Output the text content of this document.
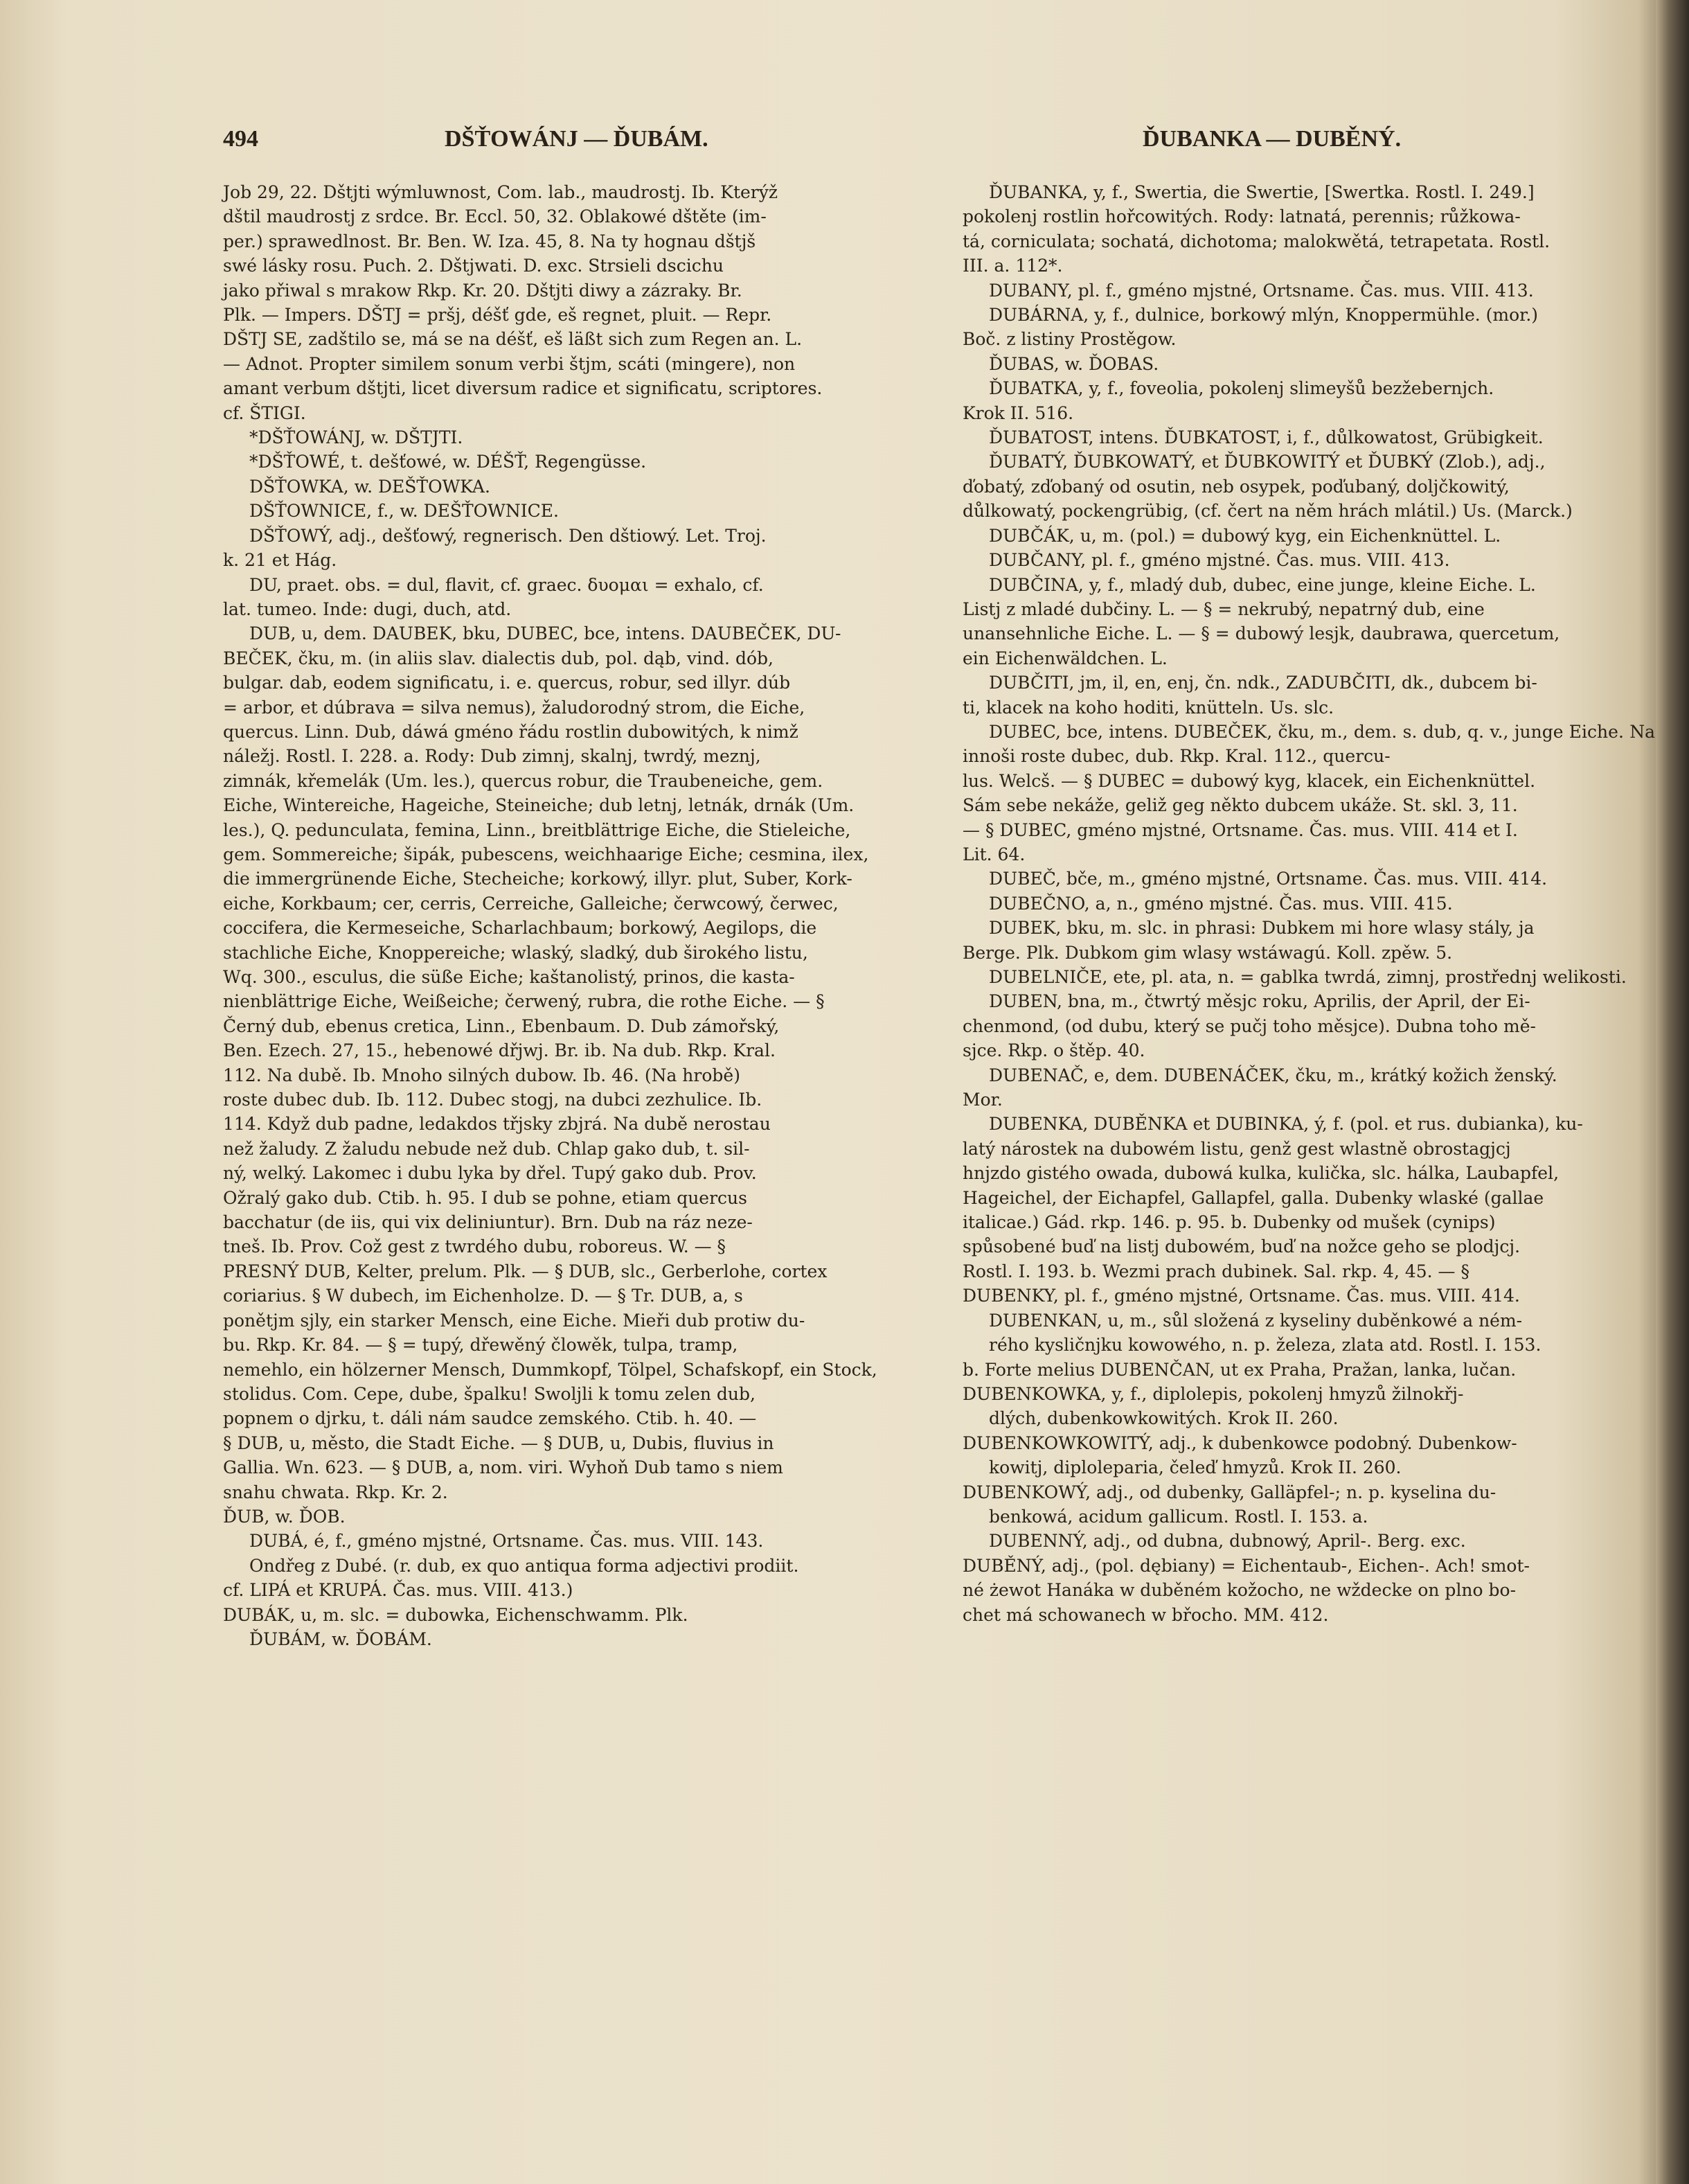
494	DŠŤOWÁNJ — ĎUBÁM.	ĎUBANKA — DUBĚNÝ.

Job 29, 22. Dštjti wýmluwnost, Com. lab., maudrostj. Ib. Kterýž

dštil maudrostj z srdce. Br. Eccl. 50, 32. Oblakowé dštěte (im-

per.) sprawedlnost. Br. Ben. W. Iza. 45, 8. Na ty hognau dštjš

swé lásky rosu. Puch. 2. Dštjwati. D. exc. Strsieli dscichu

jako přiwal s mrakow Rkp. Kr. 20. Dštjti diwy a zázraky. Br.

Plk. — Impers. DŠTJ = pršj, déšť gde, eš regnet, pluit. — Repr.

DŠTJ SE, zadštilo se, má se na déšť, eš läßt sich zum Regen an. L.

— Adnot. Propter similem sonum verbi štjm, scáti (mingere), non

amant verbum dštjti, licet diversum radice et significatu, scriptores.

cf. ŠTIGI.

*DŠŤOWÁNJ, w. DŠTJTI.

*DŠŤOWÉ, t. dešťowé, w. DÉŠŤ, Regengüsse.

DŠŤOWKA, w. DEŠŤOWKA.

DŠŤOWNICE, f., w. DEŠŤOWNICE.

DŠŤOWÝ, adj., dešťowý, regnerisch. Den dštiowý. Let. Troj.

k. 21 et Hág.

DU, praet. obs. = dul, flavit, cf. graec. δυομαι = exhalo, cf.

lat. tumeo. Inde: dugi, duch, atd.

DUB, u, dem. DAUBEK, bku, DUBEC, bce, intens. DAUBEČEK, DU-

BEČEK, čku, m. (in aliis slav. dialectis dub, pol. dąb, vind. dób,

bulgar. dab, eodem significatu, i. e. quercus, robur, sed illyr. dúb

= arbor, et dúbrava = silva nemus), žaludorodný strom, die Eiche,

quercus. Linn. Dub, dáwá gméno řádu rostlin dubowitých, k nimž

náležj. Rostl. I. 228. a. Rody: Dub zimnj, skalnj, twrdý, meznj,

zimnák, křemelák (Um. les.), quercus robur, die Traubeneiche, gem.

Eiche, Wintereiche, Hageiche, Steineiche; dub letnj, letnák, drnák (Um.

les.), Q. pedunculata, femina, Linn., breitblättrige Eiche, die Stieleiche,

gem. Sommereiche; šipák, pubescens, weichhaarige Eiche; cesmina, ilex,

die immergrünende Eiche, Stecheiche; korkowý, illyr. plut, Suber, Kork-

eiche, Korkbaum; cer, cerris, Cerreiche, Galleiche; čerwcowý, čerwec,

coccifera, die Kermeseiche, Scharlachbaum; borkowý, Aegilops, die

stachliche Eiche, Knoppereiche; wlaský, sladký, dub širokého listu,

Wq. 300., esculus, die süße Eiche; kaštanolistý, prinos, die kasta-

nienblättrige Eiche, Weißeiche; čerwený, rubra, die rothe Eiche. — §

Černý dub, ebenus cretica, Linn., Ebenbaum. D. Dub zámořský,

Ben. Ezech. 27, 15., hebenowé dřjwj. Br. ib. Na dub. Rkp. Kral.

112. Na dubě. Ib. Mnoho silných dubow. Ib. 46. (Na hrobě)

roste dubec dub. Ib. 112. Dubec stogj, na dubci zezhulice. Ib.

114. Když dub padne, ledakdos třjsky zbjrá. Na dubě nerostau

než žaludy. Z žaludu nebude než dub. Chlap gako dub, t. sil-

ný, welký. Lakomec i dubu lyka by dřel. Tupý gako dub. Prov.

Ožralý gako dub. Ctib. h. 95. I dub se pohne, etiam quercus

bacchatur (de iis, qui vix deliniuntur). Brn. Dub na ráz neze-

tneš. Ib. Prov. Což gest z twrdého dubu, roboreus. W. — §

PRESNÝ DUB, Kelter, prelum. Plk. — § DUB, slc., Gerberlohe, cortex

coriarius. § W dubech, im Eichenholze. D. — § Tr. DUB, a, s

ponětjm sjly, ein starker Mensch, eine Eiche. Mieři dub protiw du-

bu. Rkp. Kr. 84. — § = tupý, dřewěný člowěk, tulpa, tramp,

nemehlo, ein hölzerner Mensch, Dummkopf, Tölpel, Schafskopf, ein Stock,

stolidus. Com. Cepe, dube, špalku! Swoljli k tomu zelen dub,

popnem o djrku, t. dáli nám saudce zemského. Ctib. h. 40. —

§ DUB, u, město, die Stadt Eiche. — § DUB, u, Dubis, fluvius in

Gallia. Wn. 623. — § DUB, a, nom. viri. Wyhoň Dub tamo s niem

snahu chwata. Rkp. Kr. 2.

ĎUB, w. ĎOB.

DUBÁ, é, f., gméno mjstné, Ortsname. Čas. mus. VIII. 143.

Ondřeg z Dubé. (r. dub, ex quo antiqua forma adjectivi prodiit.

cf. LIPÁ et KRUPÁ. Čas. mus. VIII. 413.)

DUBÁK, u, m. slc. = dubowka, Eichenschwamm. Plk.

ĎUBÁM, w. ĎOBÁM.

ĎUBANKA, y, f., Swertia, die Swertie, [Swertka. Rostl. I. 249.]

pokolenj rostlin hořcowitých. Rody: latnatá, perennis; růžkowa-

tá, corniculata; sochatá, dichotoma; malokwětá, tetrapetata. Rostl.

III. a. 112*.

DUBANY, pl. f., gméno mjstné, Ortsname. Čas. mus. VIII. 413.

DUBÁRNA, y, f., dulnice, borkowý mlýn, Knoppermühle. (mor.)

Boč. z listiny Prostěgow.

ĎUBAS, w. ĎOBAS.

ĎUBATKA, y, f., foveolia, pokolenj slimeyšů bezžebernjch.

Krok II. 516.

ĎUBATOST, intens. ĎUBKATOST, i, f., důlkowatost, Grübigkeit.

ĎUBATÝ, ĎUBKOWATÝ, et ĎUBKOWITÝ et ĎUBKÝ (Zlob.), adj.,

ďobatý, zďobaný od osutin, neb osypek, poďubaný, doljčkowitý,

důlkowatý, pockengrübig, (cf. čert na něm hrách mlátil.) Us. (Marck.)

DUBČÁK, u, m. (pol.) = dubowý kyg, ein Eichenknüttel. L.

DUBČANY, pl. f., gméno mjstné. Čas. mus. VIII. 413.

DUBČINA, y, f., mladý dub, dubec, eine junge, kleine Eiche. L.

Listj z mladé dubčiny. L. — § = nekrubý, nepatrný dub, eine

unansehnliche Eiche. L. — § = dubowý lesjk, daubrawa, quercetum,

ein Eichenwäldchen. L.

DUBČITI, jm, il, en, enj, čn. ndk., ZADUBČITI, dk., dubcem bi-

ti, klacek na koho hoditi, knütteln. Us. slc.

DUBEC, bce, intens. DUBEČEK, čku, m., dem. s. dub, q. v., junge Eiche. Na innoši roste dubec, dub. Rkp. Kral. 112., quercu-

lus. Welcš. — § DUBEC = dubowý kyg, klacek, ein Eichenknüttel.

Sám sebe nekáže, geliž geg někto dubcem ukáže. St. skl. 3, 11.

— § DUBEC, gméno mjstné, Ortsname. Čas. mus. VIII. 414 et I.

Lit. 64.

DUBEČ, bče, m., gméno mjstné, Ortsname. Čas. mus. VIII. 414.

DUBEČNO, a, n., gméno mjstné. Čas. mus. VIII. 415.

DUBEK, bku, m. slc. in phrasi: Dubkem mi hore wlasy stály, ja

Berge. Plk. Dubkom gim wlasy wstáwagú. Koll. zpěw. 5.

DUBELNIČE, ete, pl. ata, n. = gablka twrdá, zimnj, prostřednj welikosti.

DUBEN, bna, m., čtwrtý měsjc roku, Aprilis, der April, der Ei-

chenmond, (od dubu, který se pučj toho měsjce). Dubna toho mě-

sjce. Rkp. o štěp. 40.

DUBENAČ, e, dem. DUBENÁČEK, čku, m., krátký kožich ženský.

Mor.

DUBENKA, DUBĚNKA et DUBINKA, ý, f. (pol. et rus. dubianka), ku-

latý nárostek na dubowém listu, genž gest wlastně obrostagjcj

hnjzdo gistého owada, dubowá kulka, kulička, slc. hálka, Laubapfel,

Hageichel, der Eichapfel, Gallapfel, galla. Dubenky wlaské (gallae

italicae.) Gád. rkp. 146. p. 95. b. Dubenky od mušek (cynips)

spůsobené buď na listj dubowém, buď na nožce geho se plodjcj.

Rostl. I. 193. b. Wezmi prach dubinek. Sal. rkp. 4, 45. — §

DUBENKY, pl. f., gméno mjstné, Ortsname. Čas. mus. VIII. 414.

DUBENKAN, u, m., sůl složená z kyseliny duběnkowé a ném-

rého kysličnjku kowowého, n. p. železa, zlata atd. Rostl. I. 153.

b. Forte melius DUBENČAN, ut ex Praha, Pražan, lanka, lučan.

DUBENKOWKA, y, f., diplolepis, pokolenj hmyzů žilnokřj-

dlých, dubenkowkowitých. Krok II. 260.

DUBENKOWKOWITÝ, adj., k dubenkowce podobný. Dubenkow-

kowitj, diploleparia, čeleď hmyzů. Krok II. 260.

DUBENKOWÝ, adj., od dubenky, Galläpfel-; n. p. kyselina du-

benkowá, acidum gallicum. Rostl. I. 153. a.

DUBENNÝ, adj., od dubna, dubnowý, April-. Berg. exc.

DUBĚNÝ, adj., (pol. dębiany) = Eichentaub-, Eichen-. Ach! smot-

né żewot Hanáka w duběném kožocho, ne wždecke on plno bo-

chet má schowanech w břocho. MM. 412.
